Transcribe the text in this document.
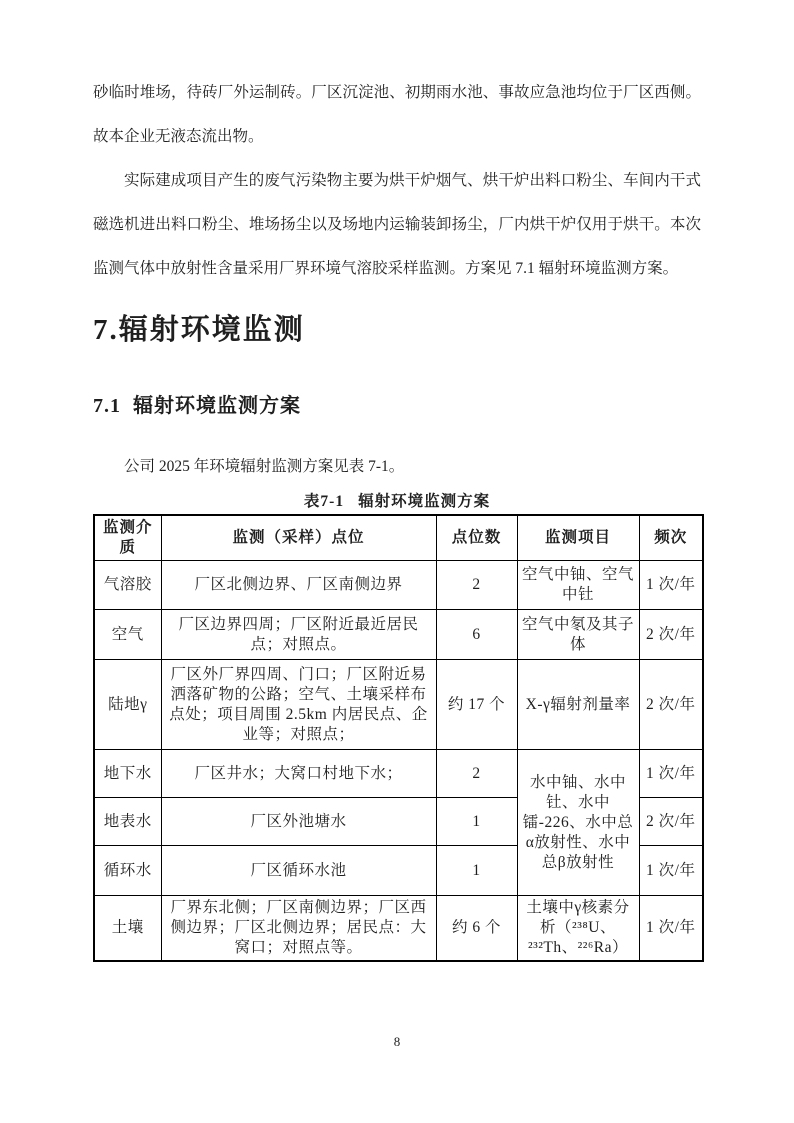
砂临时堆场，待砖厂外运制砖。厂区沉淀池、初期雨水池、事故应急池均位于厂区西侧。故本企业无液态流出物。

实际建成项目产生的废气污染物主要为烘干炉烟气、烘干炉出料口粉尘、车间内干式磁选机进出料口粉尘、堆场扬尘以及场地内运输装卸扬尘，厂内烘干炉仅用于烘干。本次监测气体中放射性含量采用厂界环境气溶胶采样监测。方案见 7.1 辐射环境监测方案。

7.辐射环境监测
7.1 辐射环境监测方案

公司 2025 年环境辐射监测方案见表 7-1。

表7-1 辐射环境监测方案
监测介质	监测（采样）点位	点位数	监测项目	频次
气溶胶	厂区北侧边界、厂区南侧边界	2	空气中铀、空气中钍	1 次/年
空气	厂区边界四周；厂区附近最近居民点；对照点。	6	空气中氡及其子体	2 次/年
陆地γ	厂区外厂界四周、门口；厂区附近易洒落矿物的公路；空气、土壤采样布点处；项目周围 2.5km 内居民点、企业等；对照点；	约 17 个	X-γ辐射剂量率	2 次/年
地下水	厂区井水；大窝口村地下水；	2	水中铀、水中钍、水中镭-226、水中总α放射性、水中总β放射性	1 次/年
地表水	厂区外池塘水	1		2 次/年
循环水	厂区循环水池	1		1 次/年
土壤	厂界东北侧；厂区南侧边界；厂区西侧边界；厂区北侧边界；居民点：大窝口；对照点等。	约 6 个	土壤中γ核素分析（²³⁸U、²³²Th、²²⁶Ra）	1 次/年
8
